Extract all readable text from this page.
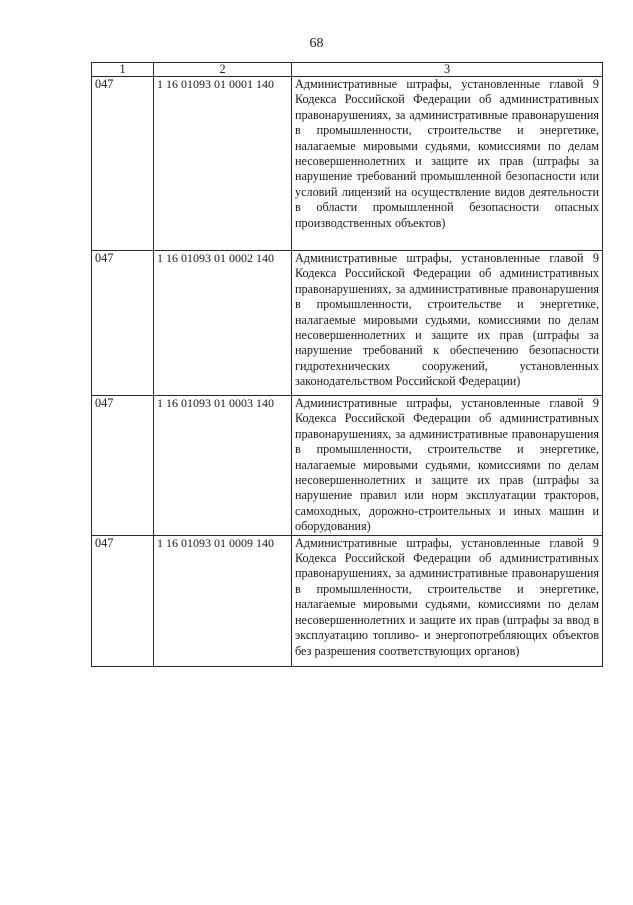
68
1	2	3
047	1 16 01093 01 0001 140	Административные штрафы, установленные главой 9 Кодекса Российской Федерации об административных правонарушениях, за административные правонарушения в промышленности, строительстве и энергетике, налагаемые мировыми судьями, комиссиями по делам несовершеннолетних и защите их прав (штрафы за нарушение требований промышленной безопасности или условий лицензий на осуществление видов деятельности в области промышленной безопасности опасных производственных объектов)
047	1 16 01093 01 0002 140	Административные штрафы, установленные главой 9 Кодекса Российской Федерации об административных правонарушениях, за административные правонарушения в промышленности, строительстве и энергетике, налагаемые мировыми судьями, комиссиями по делам несовершеннолетних и защите их прав (штрафы за нарушение требований к обеспечению безопасности гидротехнических сооружений, установленных законодательством Российской Федерации)
047	1 16 01093 01 0003 140	Административные штрафы, установленные главой 9 Кодекса Российской Федерации об административных правонарушениях, за административные правонарушения в промышленности, строительстве и энергетике, налагаемые мировыми судьями, комиссиями по делам несовершеннолетних и защите их прав (штрафы за нарушение правил или норм эксплуатации тракторов, самоходных, дорожно-строительных и иных машин и оборудования)
047	1 16 01093 01 0009 140	Административные штрафы, установленные главой 9 Кодекса Российской Федерации об административных правонарушениях, за административные правонарушения в промышленности, строительстве и энергетике, налагаемые мировыми судьями, комиссиями по делам несовершеннолетних и защите их прав (штрафы за ввод в эксплуатацию топливо- и энергопотребляющих объектов без разрешения соответствующих органов)
